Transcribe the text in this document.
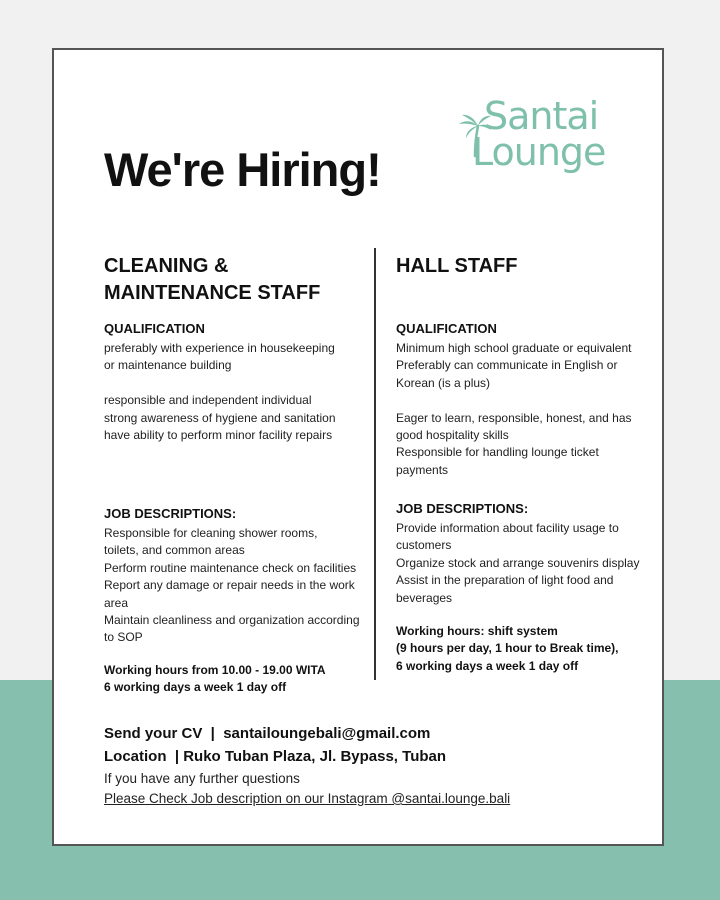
Santai
Lounge
We're Hiring!

CLEANING &

MAINTENANCE STAFF

QUALIFICATION

preferably with experience in housekeeping

or maintenance building

responsible and independent individual

strong awareness of hygiene and sanitation

have ability to perform minor facility repairs

JOB DESCRIPTIONS:

Responsible for cleaning shower rooms,

toilets, and common areas

Perform routine maintenance check on facilities

Report any damage or repair needs in the work

area

Maintain cleanliness and organization according

to SOP

Working hours from 10.00 - 19.00 WITA

6 working days a week 1 day off

HALL STAFF

QUALIFICATION

Minimum high school graduate or equivalent

Preferably can communicate in English or

Korean (is a plus)

Eager to learn, responsible, honest, and has

good hospitality skills

Responsible for handling lounge ticket

payments

JOB DESCRIPTIONS:

Provide information about facility usage to

customers

Organize stock and arrange souvenirs display

Assist in the preparation of light food and

beverages

Working hours: shift system

(9 hours per day, 1 hour to Break time),

6 working days a week 1 day off

Send your CV  |  santailoungebali@gmail.com

Location  | Ruko Tuban Plaza, Jl. Bypass, Tuban

If you have any further questions

Please Check Job description on our Instagram @santai.lounge.bali
